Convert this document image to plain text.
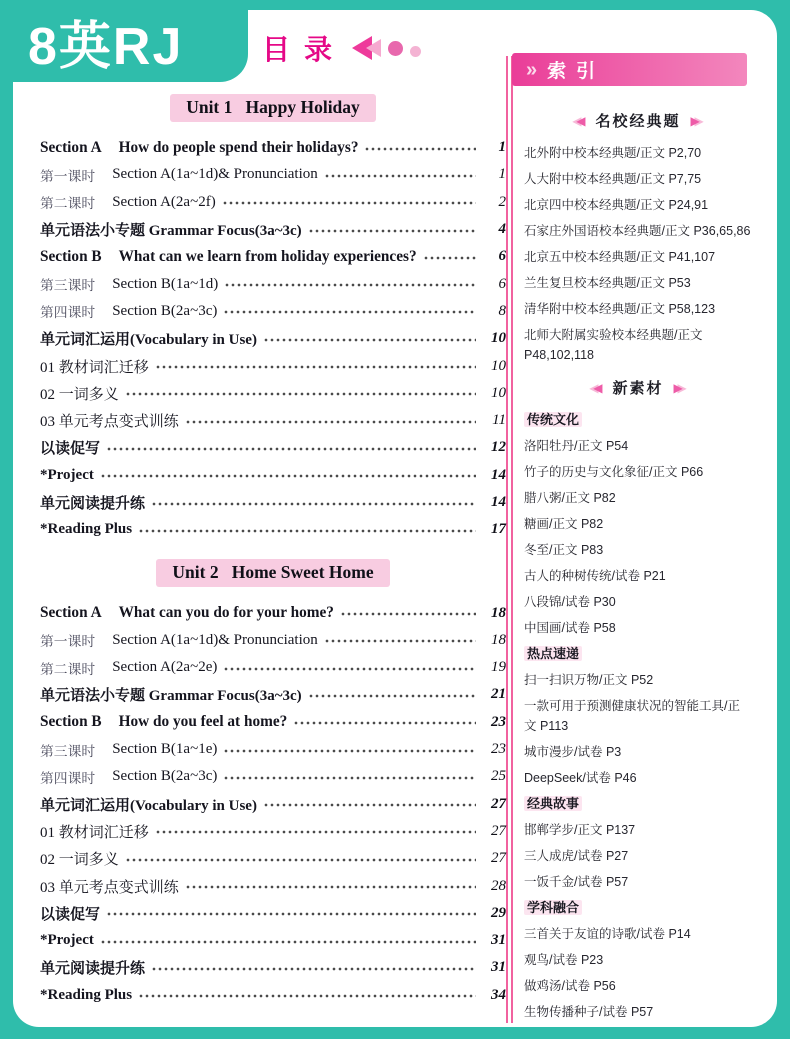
8英RJ	目录
» 索引
Unit 1   Happy Holiday
Section A How do people spend their holidays?	1
第一课时 Section A(1a~1d)& Pronunciation	1
第二课时 Section A(2a~2f)	2
单元语法小专题 Grammar Focus(3a~3c)	4
Section B What can we learn from holiday experiences?	6
第三课时 Section B(1a~1d)	6
第四课时 Section B(2a~3c)	8
单元词汇运用(Vocabulary in Use)	10
01 教材词汇迁移	10
02 一词多义	10
03 单元考点变式训练	11
以读促写	12
*Project	14
单元阅读提升练	14
*Reading Plus	17
Unit 2   Home Sweet Home
Section A What can you do for your home?	18
第一课时 Section A(1a~1d)& Pronunciation	18
第二课时 Section A(2a~2e)	19
单元语法小专题 Grammar Focus(3a~3c)	21
Section B How do you feel at home?	23
第三课时 Section B(1a~1e)	23
第四课时 Section B(2a~3c)	25
单元词汇运用(Vocabulary in Use)	27
01 教材词汇迁移	27
02 一词多义	27
03 单元考点变式训练	28
以读促写	29
*Project	31
单元阅读提升练	31
*Reading Plus	34
◀ 名校经典题 ▶
北外附中校本经典题/正文 P2,70
人大附中校本经典题/正文 P7,75
北京四中校本经典题/正文 P24,91
石家庄外国语校本经典题/正文 P36,65,86
北京五中校本经典题/正文 P41,107
兰生复旦校本经典题/正文 P53
清华附中校本经典题/正文 P58,123
北师大附属实验校本经典题/正文 P48,102,118
◀ 新素材 ▶
传统文化
洛阳牡丹/正文 P54
竹子的历史与文化象征/正文 P66
腊八粥/正文 P82
糖画/正文 P82
冬至/正文 P83
古人的种树传统/试卷 P21
八段锦/试卷 P30
中国画/试卷 P58
热点速递
扫一扫识万物/正文 P52
一款可用于预测健康状况的智能工具/正文 P113
城市漫步/试卷 P3
DeepSeek/试卷 P46
经典故事
邯郸学步/正文 P137
三人成虎/试卷 P27
一饭千金/试卷 P57
学科融合
三首关于友谊的诗歌/试卷 P14
观鸟/试卷 P23
做鸡汤/试卷 P56
生物传播种子/试卷 P57
